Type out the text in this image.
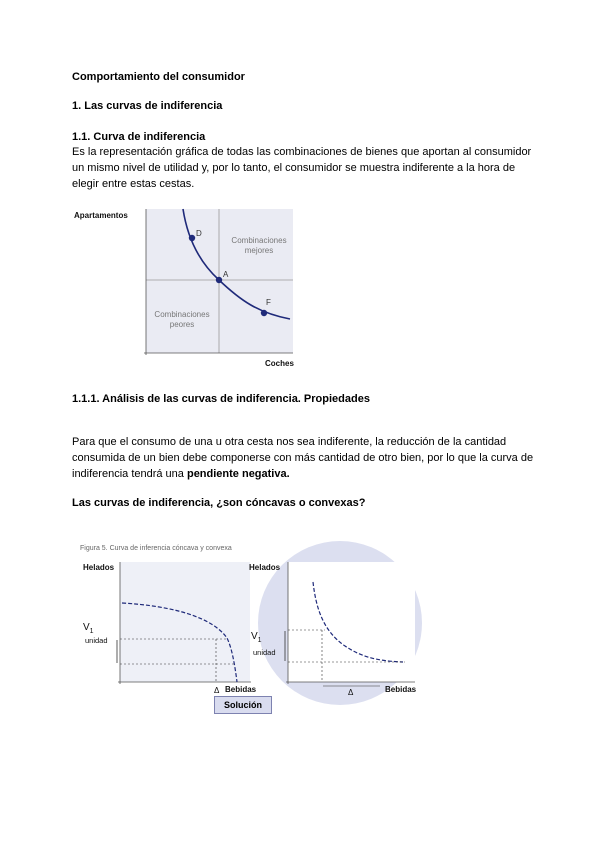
Comportamiento del consumidor
1. Las curvas de indiferencia
1.1. Curva de indiferencia
Es la representación gráfica de todas las combinaciones de bienes que aportan al consumidor un mismo nivel de utilidad y, por lo tanto, el consumidor se muestra indiferente a la hora de elegir entre estas cestas.
D
A
F
Combinaciones
mejores
Combinaciones
peores
Apartamentos
Coches
1.1.1. Análisis de las curvas de indiferencia. Propiedades
Para que el consumo de una u otra cesta nos sea indiferente, la reducción de la cantidad consumida de un bien debe componerse con más cantidad de otro bien, por lo que la curva de indiferencia tendrá una pendiente negativa.
Las curvas de indiferencia, ¿son cóncavas o convexas?
Figura 5. Curva de inferencia cóncava y convexa
Helados
$V_1$
unidad
Δ Bebidas
Helados
$V_1$
unidad
Δ	Bebidas
Solución
